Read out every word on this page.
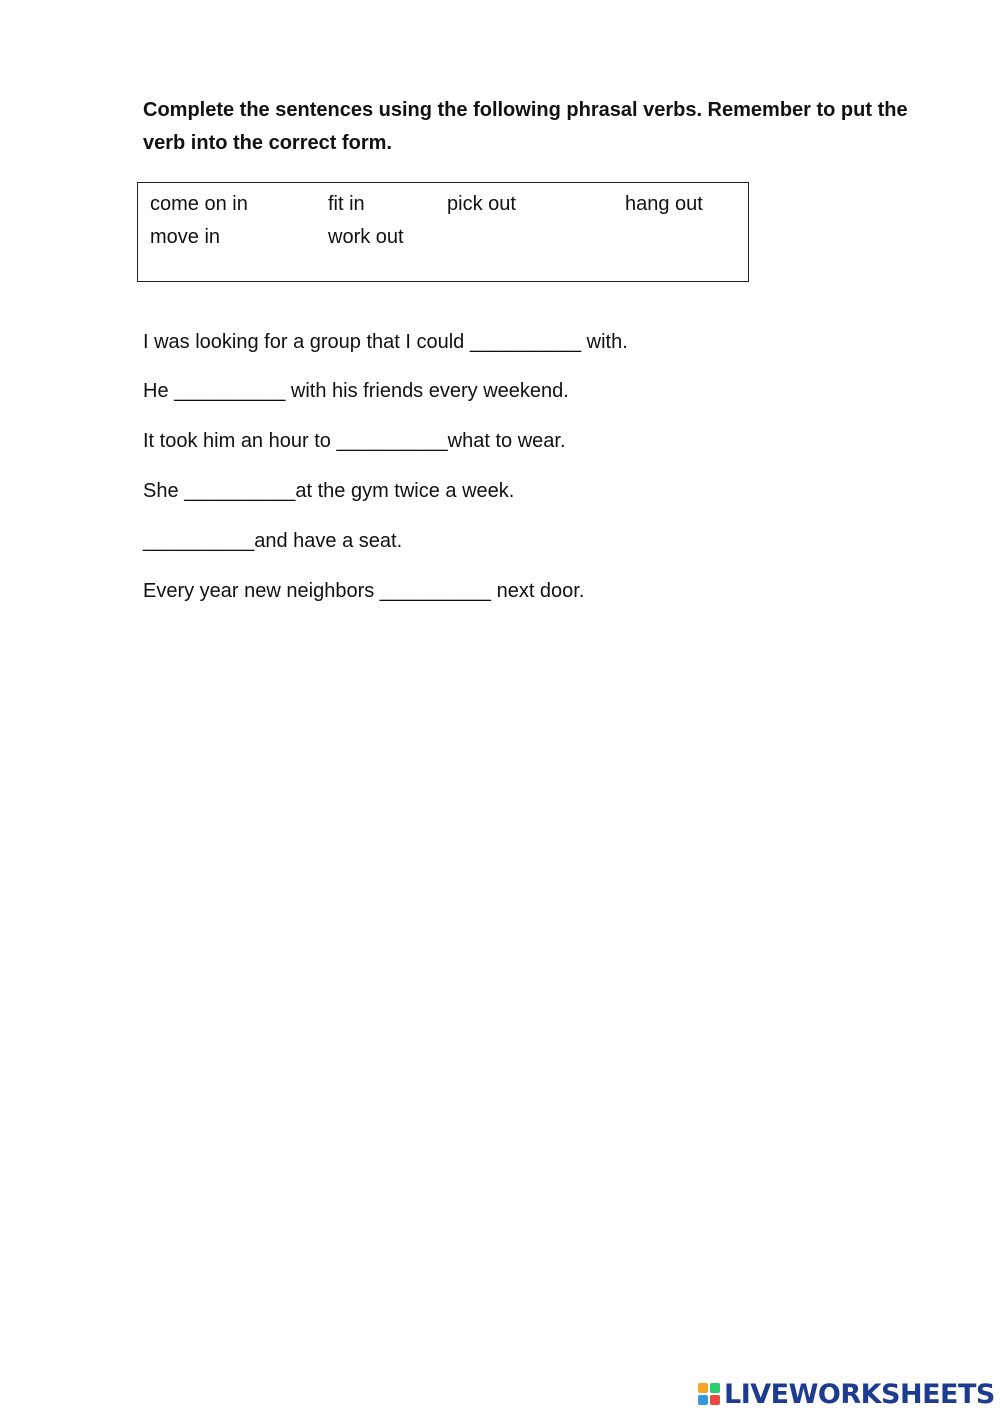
Complete the sentences using the following phrasal verbs. Remember to put the verb into the correct form.

come on in	fit in	pick out	hang out
move in	work out

I was looking for a group that I could __________ with.

He __________ with his friends every weekend.

It took him an hour to __________what to wear.

She __________at the gym twice a week.

__________and have a seat.

Every year new neighbors __________ next door.

LIVEWORKSHEETS
